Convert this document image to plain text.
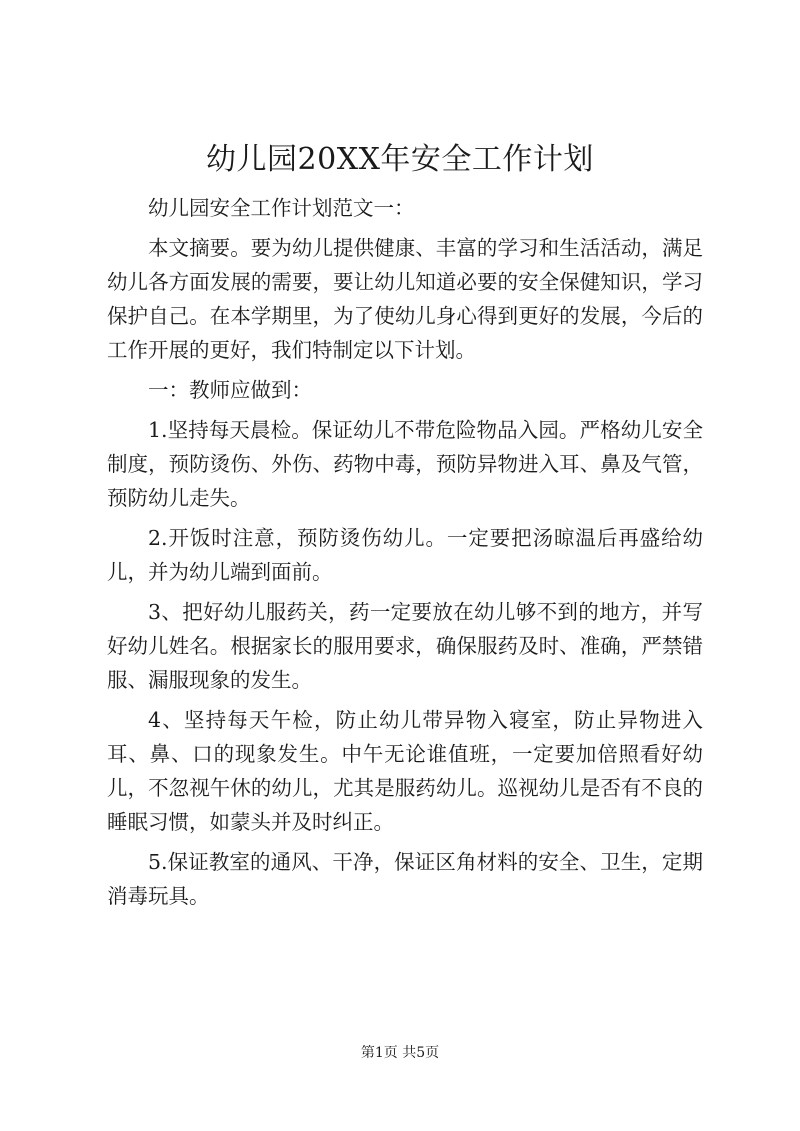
幼儿园20XX年安全工作计划

幼儿园安全工作计划范文一：

本文摘要。要为幼儿提供健康、丰富的学习和生活活动，满足幼儿各方面发展的需要，要让幼儿知道必要的安全保健知识，学习保护自己。在本学期里，为了使幼儿身心得到更好的发展，今后的工作开展的更好，我们特制定以下计划。

一：教师应做到：

1.坚持每天晨检。保证幼儿不带危险物品入园。严格幼儿安全制度，预防烫伤、外伤、药物中毒，预防异物进入耳、鼻及气管，预防幼儿走失。

2.开饭时注意，预防烫伤幼儿。一定要把汤晾温后再盛给幼儿，并为幼儿端到面前。

3、把好幼儿服药关，药一定要放在幼儿够不到的地方，并写好幼儿姓名。根据家长的服用要求，确保服药及时、准确，严禁错服、漏服现象的发生。

4、坚持每天午检，防止幼儿带异物入寝室，防止异物进入耳、鼻、口的现象发生。中午无论谁值班，一定要加倍照看好幼儿，不忽视午休的幼儿，尤其是服药幼儿。巡视幼儿是否有不良的睡眠习惯，如蒙头并及时纠正。

5.保证教室的通风、干净，保证区角材料的安全、卫生，定期消毒玩具。

第1页 共5页
